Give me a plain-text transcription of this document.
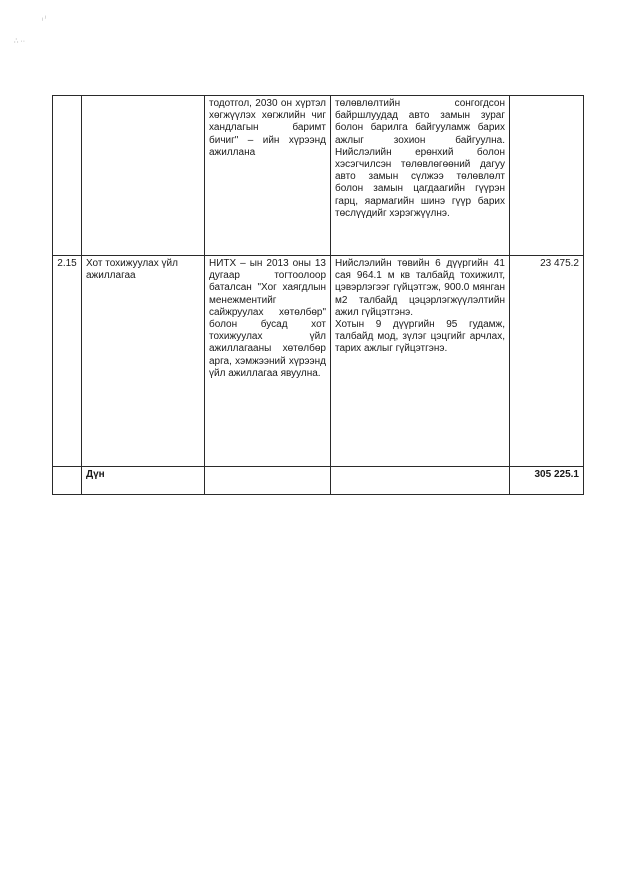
⸝⸝
∴ ··
		тодотгол, 2030 он хүртэл хөгжүүлэх хөгжлийн чиг хандлагын баримт бичиг" – ийн хүрээнд ажиллана	төлөвлөлтийн сонгогдсон байршлуудад авто замын зураг болон барилга байгууламж барих ажлыг зохион байгуулна. Нийслэлийн ерөнхий болон хэсэгчилсэн төлөвлөгөөний дагуу авто замын сүлжээ төлөвлөлт болон замын цагдаагийн гүүрэн гарц, яармагийн шинэ гүүр барих төслүүдийг хэрэгжүүлнэ.	

2.15	Хот тохижуулах үйл ажиллагаа	НИТХ – ын 2013 оны 13 дугаар тогтоолоор баталсан "Хог хаягдлын менежментийг сайжруулах хөтөлбөр" болон бусад хот тохижуулах үйл ажиллагааны хөтөлбөр арга, хэмжээний хүрээнд үйл ажиллагаа явуулна.	Нийслэлийн төвийн 6 дүүргийн 41 сая 964.1 м кв талбайд тохижилт, цэвэрлэгээг гүйцэтгэж, 900.0 мянган м2 талбайд цэцэрлэгжүүлэлтийн ажил гүйцэтгэнэ.
Хотын 9 дүүргийн 95 гудамж, талбайд мод, зүлэг цэцгийг арчлах, тарих ажлыг гүйцэтгэнэ.	23 475.2
	Дүн			305 225.1
